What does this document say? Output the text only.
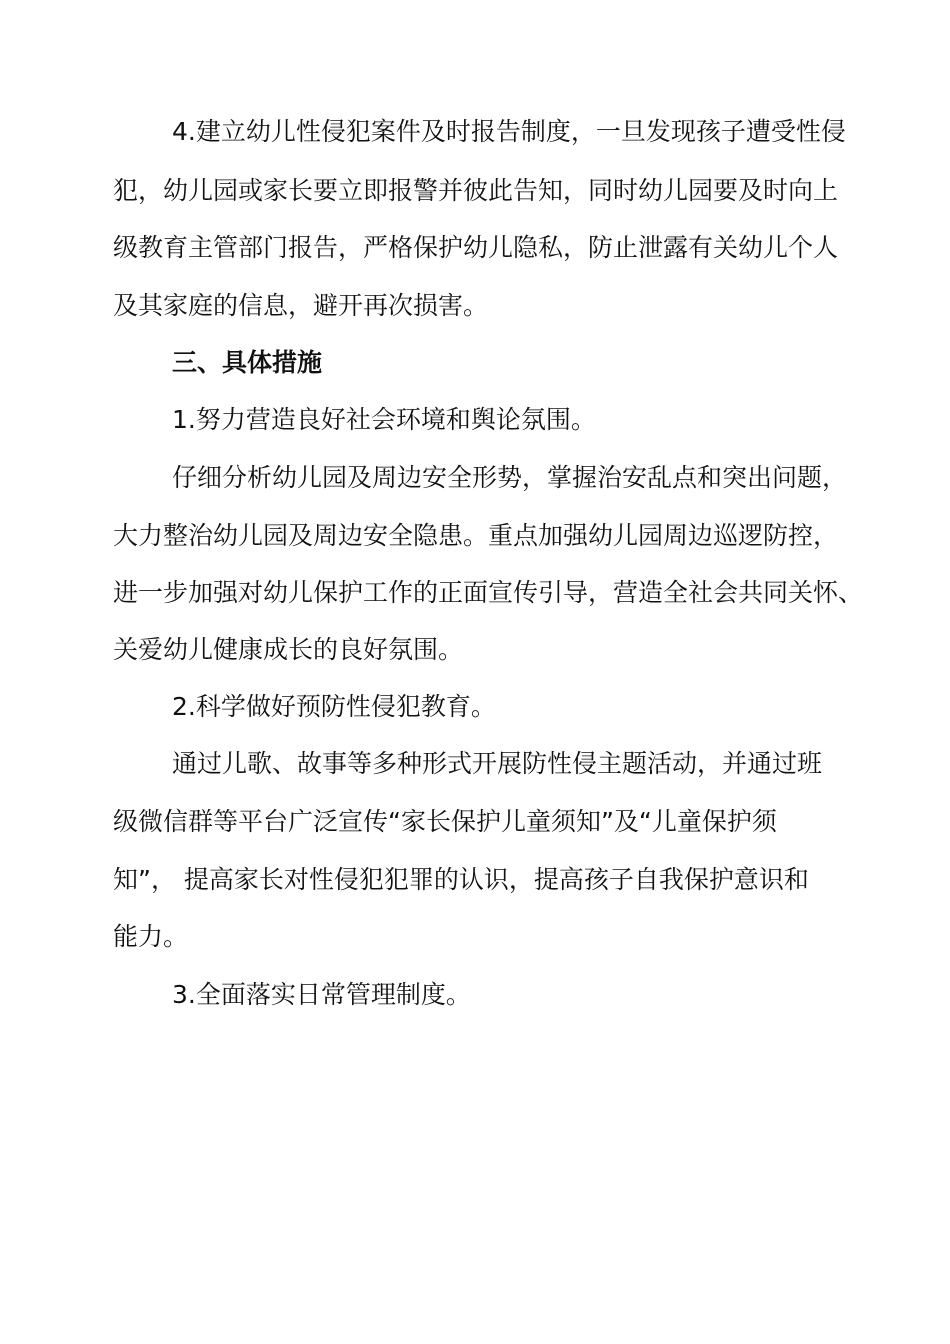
4.建立幼儿性侵犯案件及时报告制度，一旦发现孩子遭受性侵
犯，幼儿园或家长要立即报警并彼此告知，同时幼儿园要及时向上
级教育主管部门报告，严格保护幼儿隐私，防止泄露有关幼儿个人
及其家庭的信息，避开再次损害。
三、具体措施
1.努力营造良好社会环境和舆论氛围。
仔细分析幼儿园及周边安全形势，掌握治安乱点和突出问题，
大力整治幼儿园及周边安全隐患。重点加强幼儿园周边巡逻防控，
进一步加强对幼儿保护工作的正面宣传引导，营造全社会共同关怀、
关爱幼儿健康成长的良好氛围。
2.科学做好预防性侵犯教育。
通过儿歌、故事等多种形式开展防性侵主题活动，并通过班
级微信群等平台广泛宣传“家长保护儿童须知”及“儿童保护须
知”， 提高家长对性侵犯犯罪的认识，提高孩子自我保护意识和
能力。
3.全面落实日常管理制度。
